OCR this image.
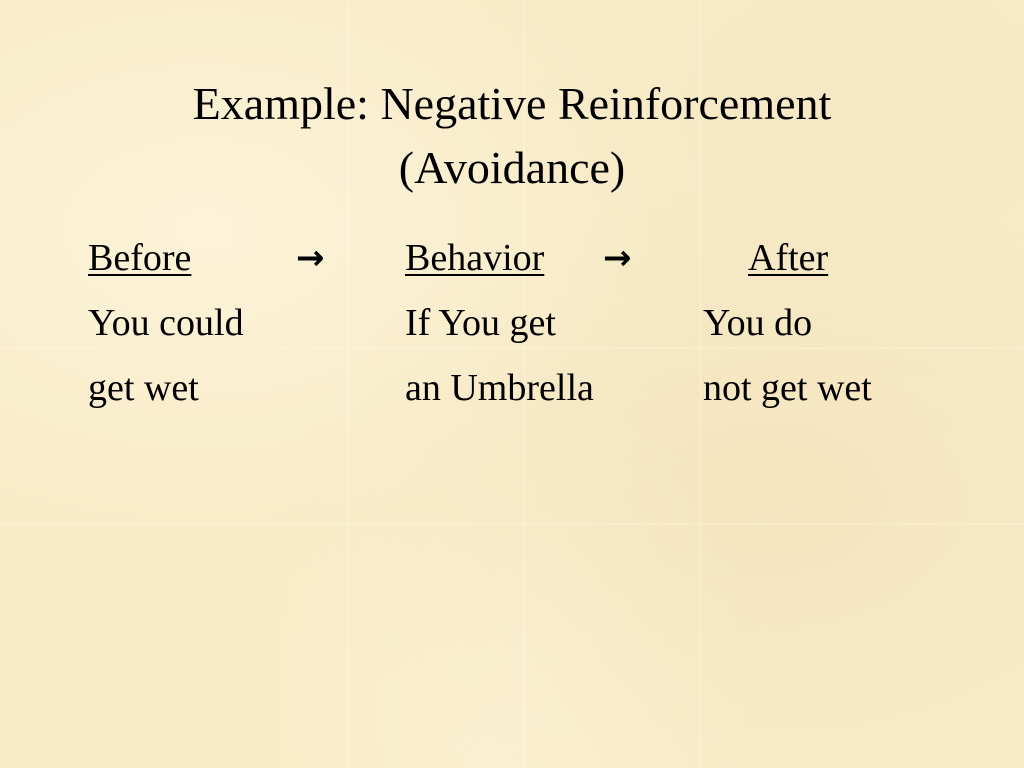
Example: Negative Reinforcement
(Avoidance)
Before	→ Behavior →	After
You could	If You get	You do
get wet	an Umbrella	not get wet
